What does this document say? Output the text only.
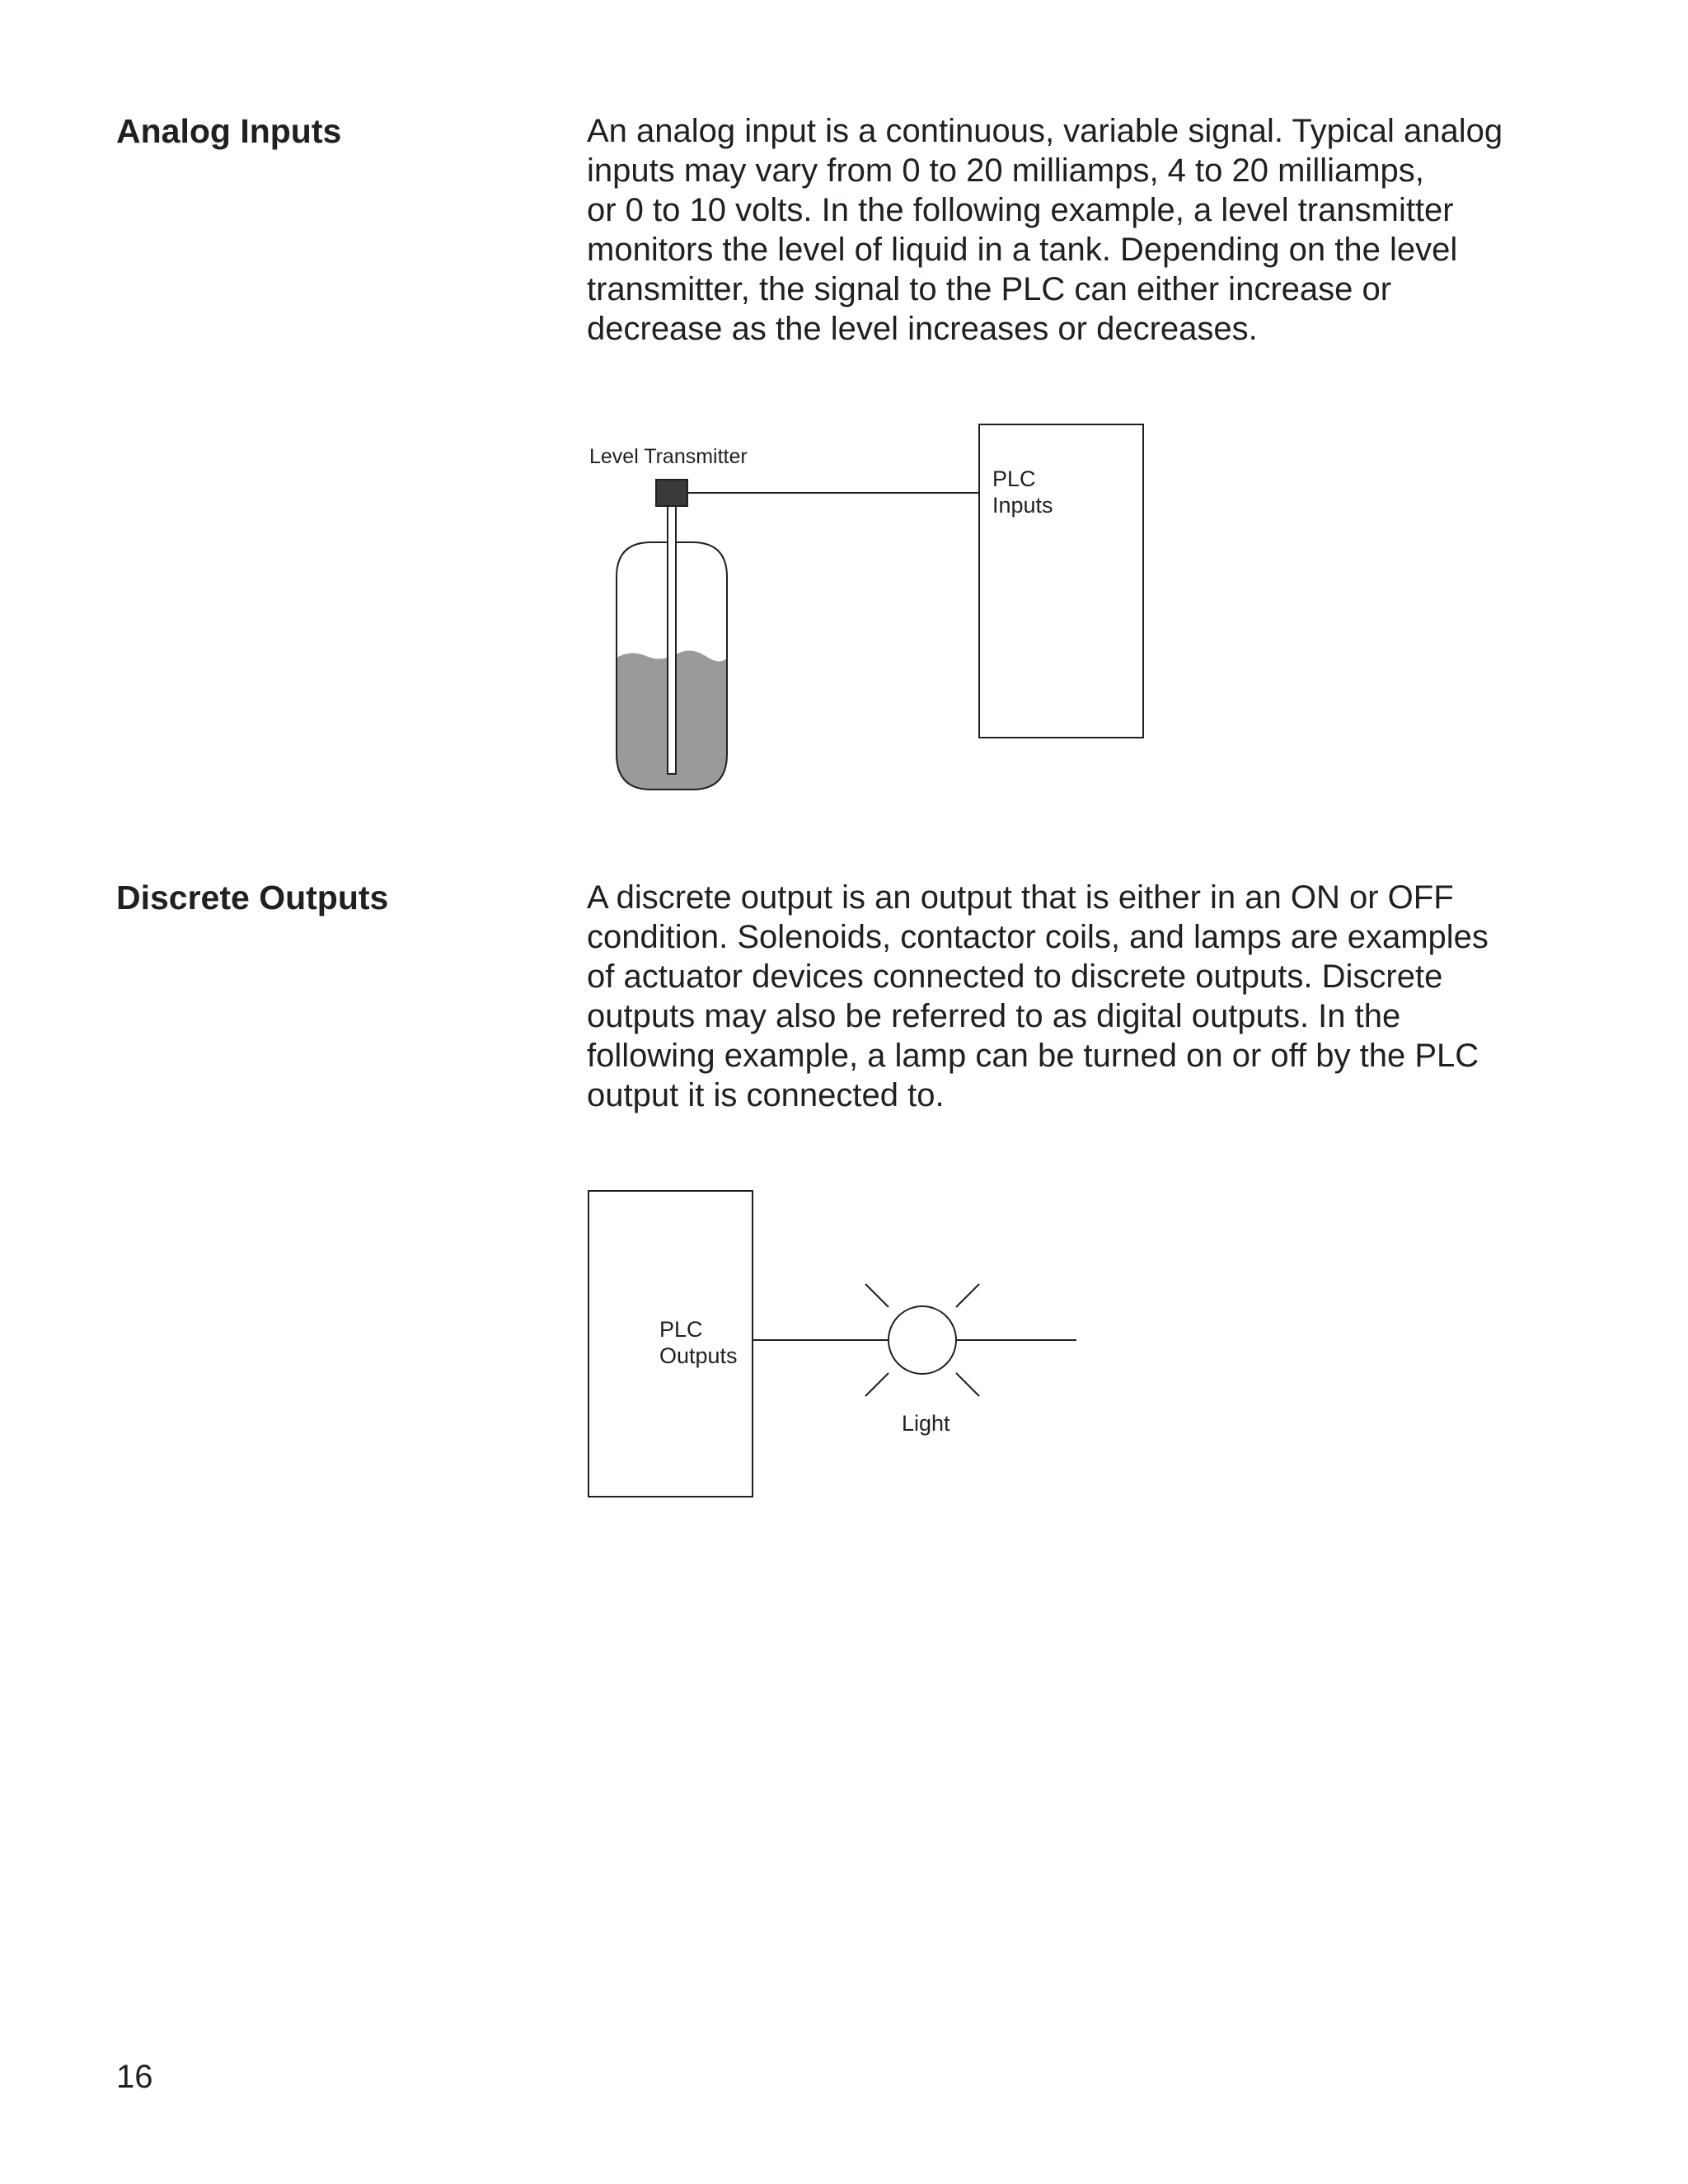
Analog Inputs	An analog input is a continuous, variable signal. Typical analog
inputs may vary from 0 to 20 milliamps, 4 to 20 milliamps,
or 0 to 10 volts. In the following example, a level transmitter
monitors the level of liquid in a tank. Depending on the level
transmitter, the signal to the PLC can either increase or
decrease as the level increases or decreases.

PLC
Inputs
Level Transmitter
Discrete Outputs	A discrete output is an output that is either in an ON or OFF
condition. Solenoids, contactor coils, and lamps are examples
of actuator devices connected to discrete outputs. Discrete
outputs may also be referred to as digital outputs. In the
following example, a lamp can be turned on or off by the PLC
output it is connected to.

PLC
Outputs
Light

16
